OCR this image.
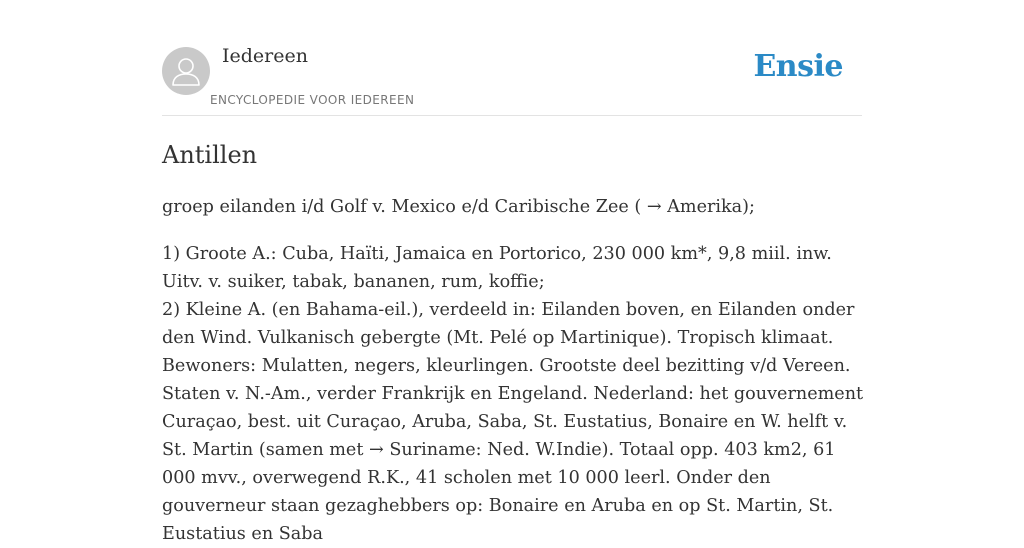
Iedereen
ENCYCLOPEDIE VOOR IEDEREEN
Ensie
Antillen

groep eilanden i/d Golf v. Mexico e/d Caribische Zee ( → Amerika);

1) Groote A.: Cuba, Haïti, Jamaica en Portorico, 230 000 km*, 9,8 miil. inw. Uitv. v. suiker, tabak, bananen, rum, koffie;

2) Kleine A. (en Bahama-eil.), verdeeld in: Eilanden boven, en Eilanden onder den Wind. Vulkanisch gebergte (Mt. Pelé op Martinique). Tropisch klimaat. Bewoners: Mulatten, negers, kleurlingen. Grootste deel bezitting v/d Vereen. Staten v. N.-Am., verder Frankrijk en Engeland. Nederland: het gouvernement Curaçao, best. uit Curaçao, Aruba, Saba, St. Eustatius, Bonaire en W. helft v. St. Martin (samen met → Suriname: Ned. W.Indie). Totaal opp. 403 km2, 61 000 mvv., overwegend R.K., 41 scholen met 10 000 leerl. Onder den gouverneur staan gezaghebbers op: Bonaire en Aruba en op St. Martin, St. Eustatius en Saba
